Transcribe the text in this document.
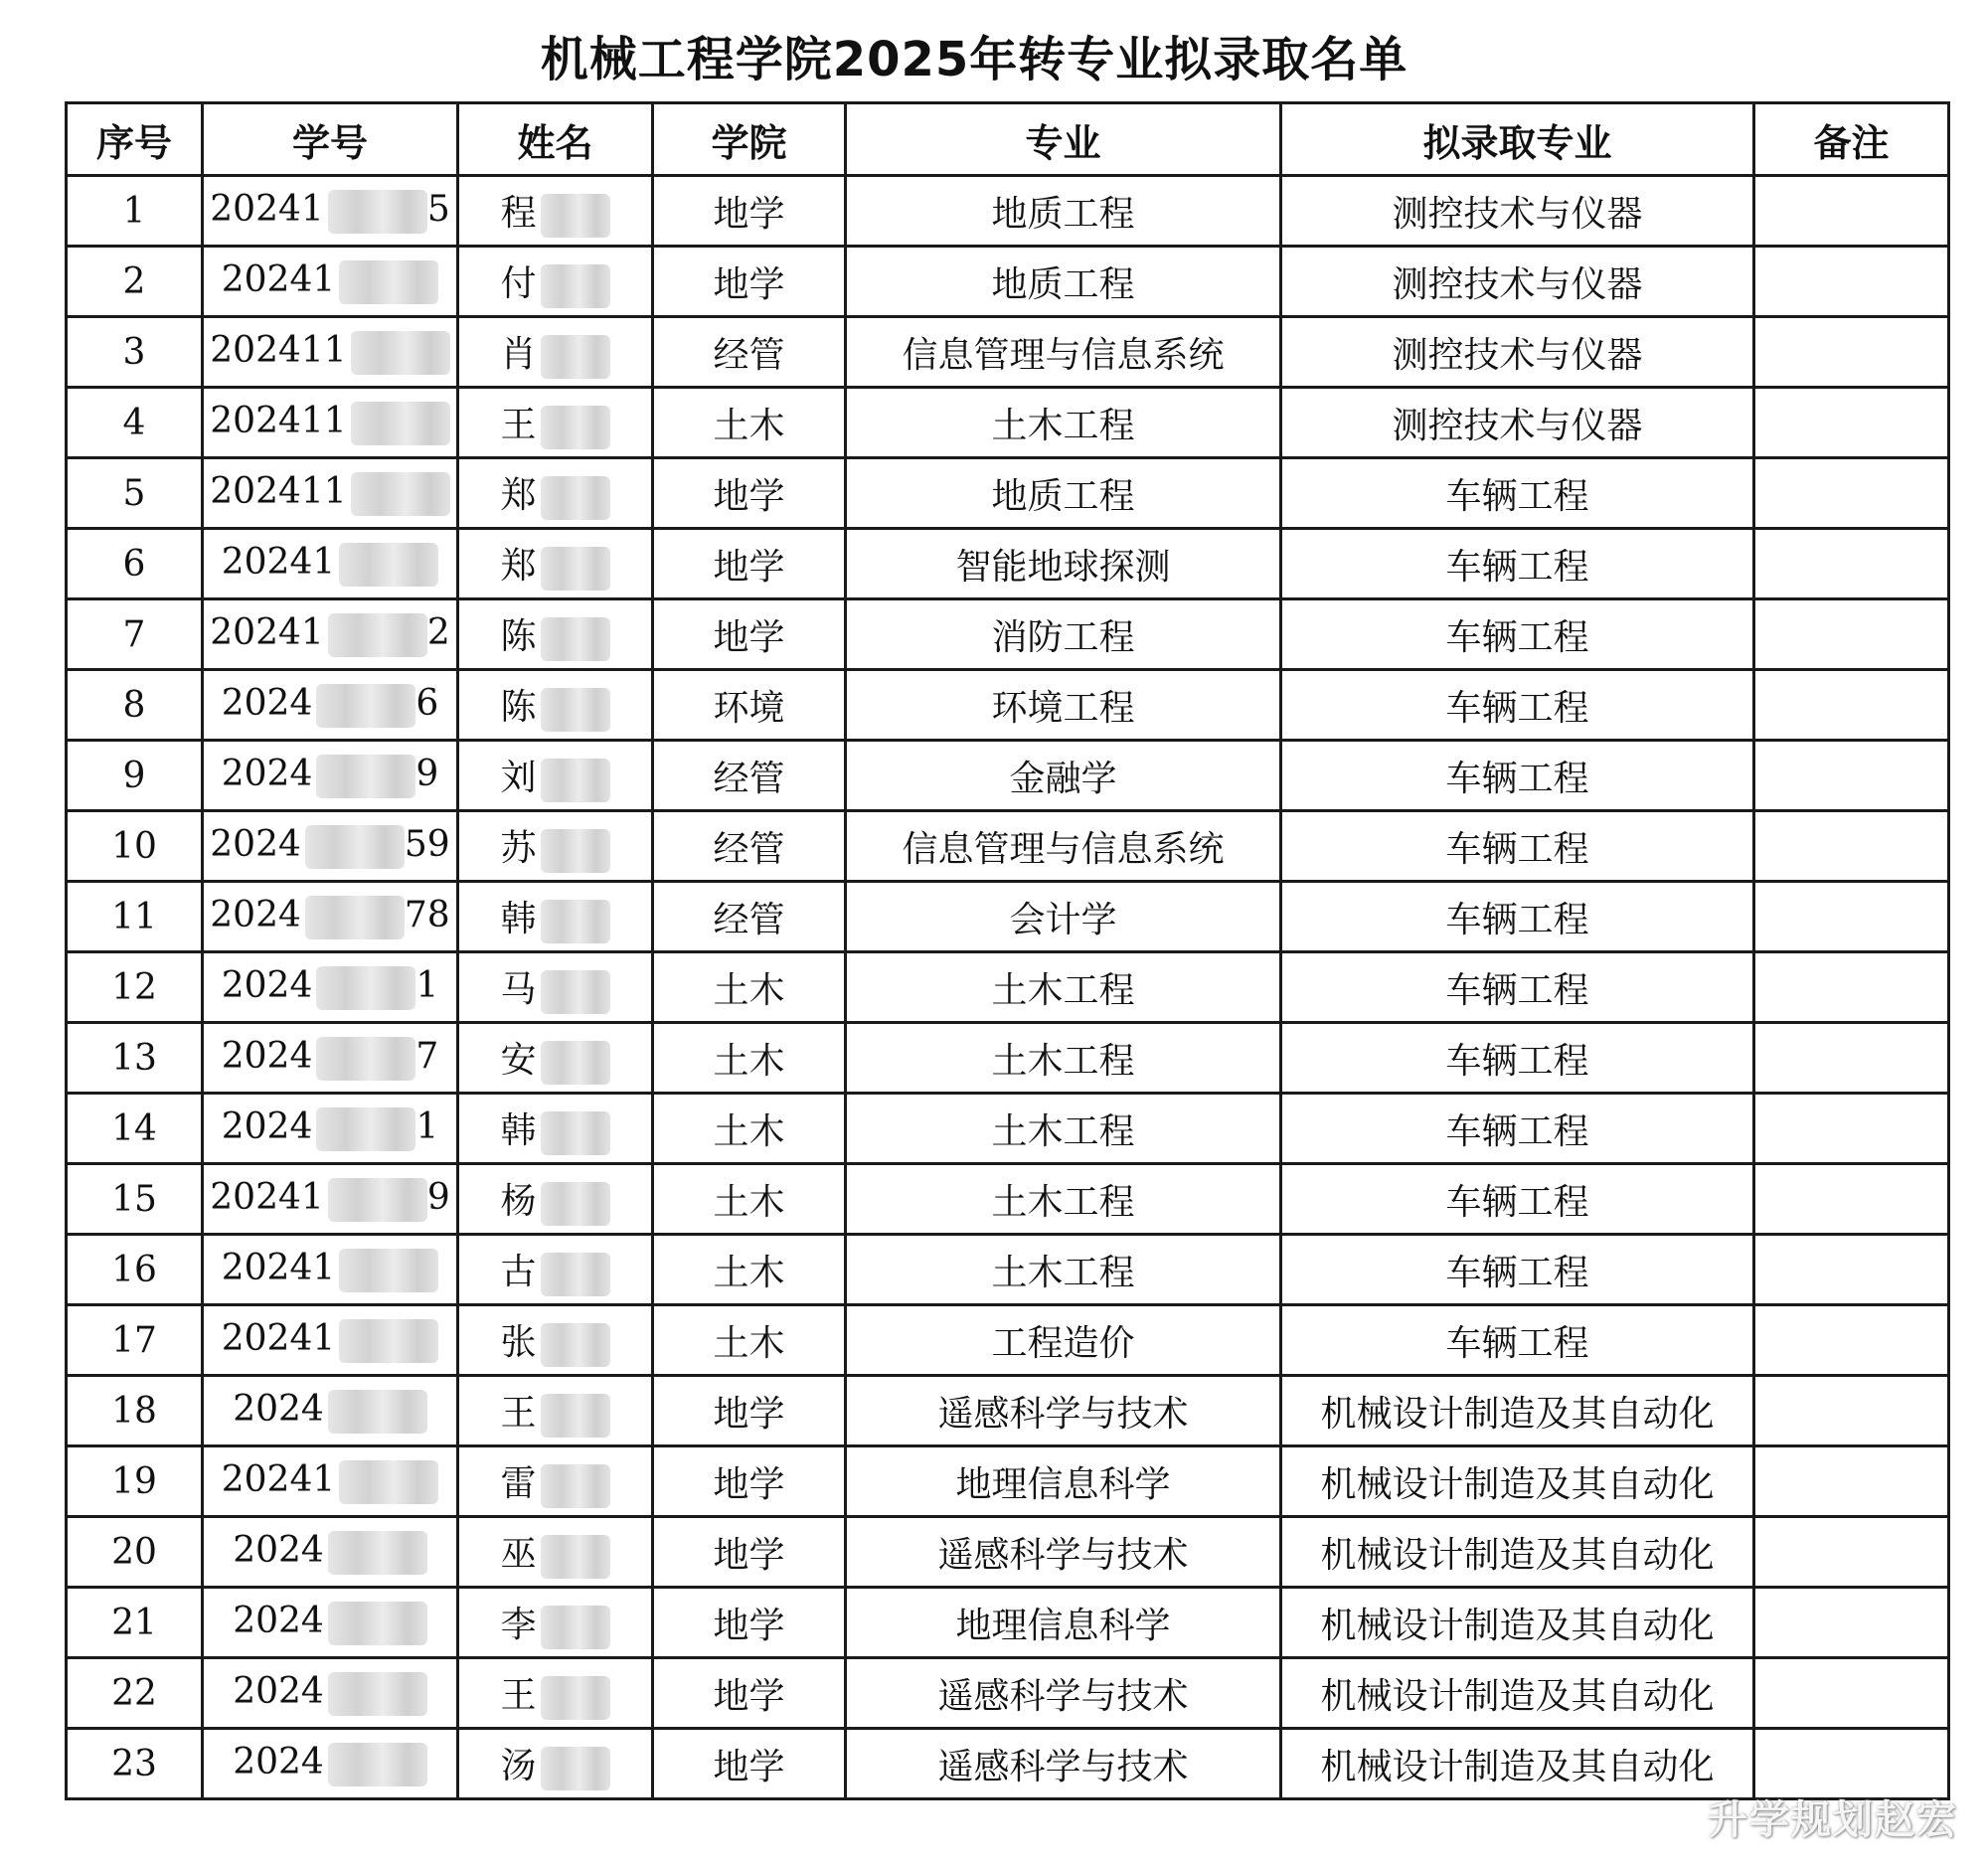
机械工程学院2025年转专业拟录取名单
序号	学号	姓名	学院	专业	拟录取专业	备注
1	20241 5	程	地学	地质工程	测控技术与仪器	
2	20241	付	地学	地质工程	测控技术与仪器	
3	202411	肖	经管	信息管理与信息系统	测控技术与仪器	
4	202411	王	土木	土木工程	测控技术与仪器	
5	202411	郑	地学	地质工程	车辆工程	
6	20241	郑	地学	智能地球探测	车辆工程	
7	20241 2	陈	地学	消防工程	车辆工程	
8	2024 6	陈	环境	环境工程	车辆工程	
9	2024 9	刘	经管	金融学	车辆工程	
10	2024 59	苏	经管	信息管理与信息系统	车辆工程	
11	2024 78	韩	经管	会计学	车辆工程	
12	2024 1	马	土木	土木工程	车辆工程	
13	2024 7	安	土木	土木工程	车辆工程	
14	2024 1	韩	土木	土木工程	车辆工程	
15	20241 9	杨	土木	土木工程	车辆工程	
16	20241	古	土木	土木工程	车辆工程	
17	20241	张	土木	工程造价	车辆工程	
18	2024	王	地学	遥感科学与技术	机械设计制造及其自动化	
19	20241	雷	地学	地理信息科学	机械设计制造及其自动化	
20	2024	巫	地学	遥感科学与技术	机械设计制造及其自动化	
21	2024	李	地学	地理信息科学	机械设计制造及其自动化	
22	2024	王	地学	遥感科学与技术	机械设计制造及其自动化	
23	2024	汤	地学	遥感科学与技术	机械设计制造及其自动化	
升学规划赵宏
